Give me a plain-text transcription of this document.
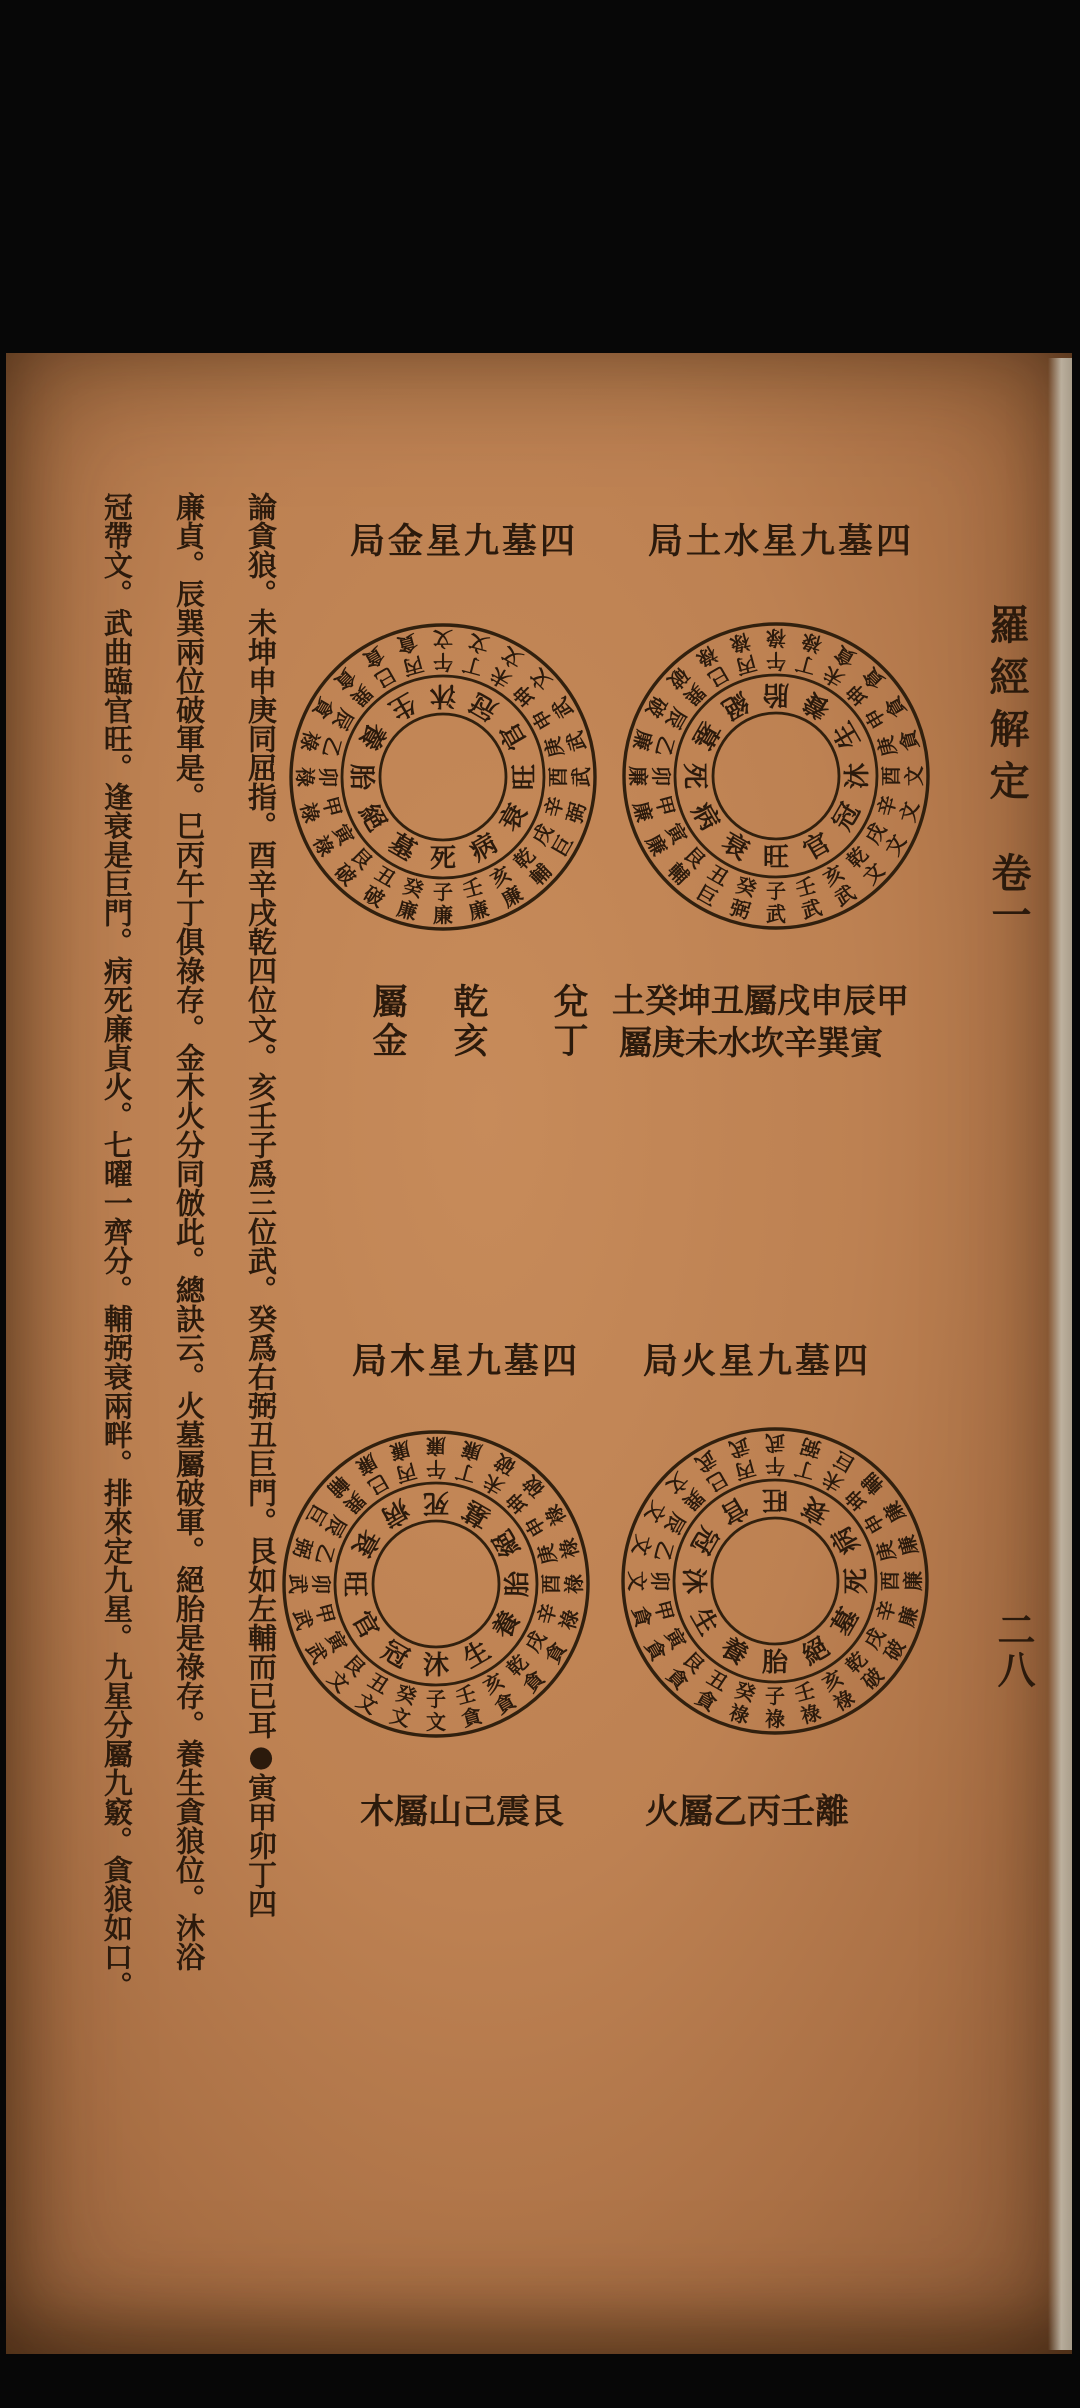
羅經解定
卷一
二八
局金星九墓四 局土水星九墓四
局木星九墓四 局火星九墓四
午
文
丁
文
未
文
坤
文
申
武
庚
武
酉 武
辛
弼
戌
巨
乾
輔
亥
廉
壬
廉
子
廉
癸
廉
丑
破
艮
破
寅
祿
甲
祿
卯
祿
乙
祿
辰
貪 巽
貪 巳
貪 丙
貪
沐 冠
官
旺
衰
病
死
墓
絕
胎
養
生
午
祿
丁
祿
未
貪
坤
貪
申
貪
庚
貪
酉 文
辛
文
戌
文
乾
文
亥
武
壬
武
子
武
癸
弼
丑
巨
艮
輔
寅
廉
甲
廉
卯
廉
乙
廉
辰
破 巽
破 巳
祿 丙
祿
胎 養
生
沐
冠
官
旺
衰
病
死
墓
絕
午
廉
丁
廉
未
破
坤
破
申
祿
庚
祿
酉 祿
辛
祿
戌
貪
乾
貪
亥
貪
壬
貪
子
文
癸
文
丑
文
艮
文
寅
武
甲
武
卯
武
乙
弼
辰
巨 巽
輔 巳
廉 丙
廉
死 墓
絕
胎
養
生
沐
冠
官
旺
衰
病
午
武
丁
弼
未
巨
坤
輔
申
廉
庚
廉
酉 廉
辛
廉
戌
破
乾
破
亥
祿
壬
祿
子
祿
癸
祿
丑
貪
艮
貪
寅
貪
甲
貪
卯
文
乙
文
辰
文 巽
文 巳
武 丙
武
旺 衰
病
死
墓
絕
胎
養
生
沐
冠
官
屬金 乾亥 兌丁 土癸坤丑屬戌申辰甲
屬庚未水坎辛巽寅
木屬山己震艮 火屬乙丙壬離
論貪狼。未坤申庚同屈指。酉辛戌乾四位文。亥壬子爲三位武。癸爲右弼丑巨門。艮如左輔而已耳●寅甲卯丁四
廉貞。辰巽兩位破軍是。巳丙午丁俱祿存。金木火分同倣此。總訣云。火墓屬破軍。絕胎是祿存。養生貪狼位。沐浴
冠帶文。武曲臨官旺。逢衰是巨門。病死廉貞火。七曜一齊分。輔弼衰兩畔。排來定九星。九星分屬九竅。貪狼如口。
